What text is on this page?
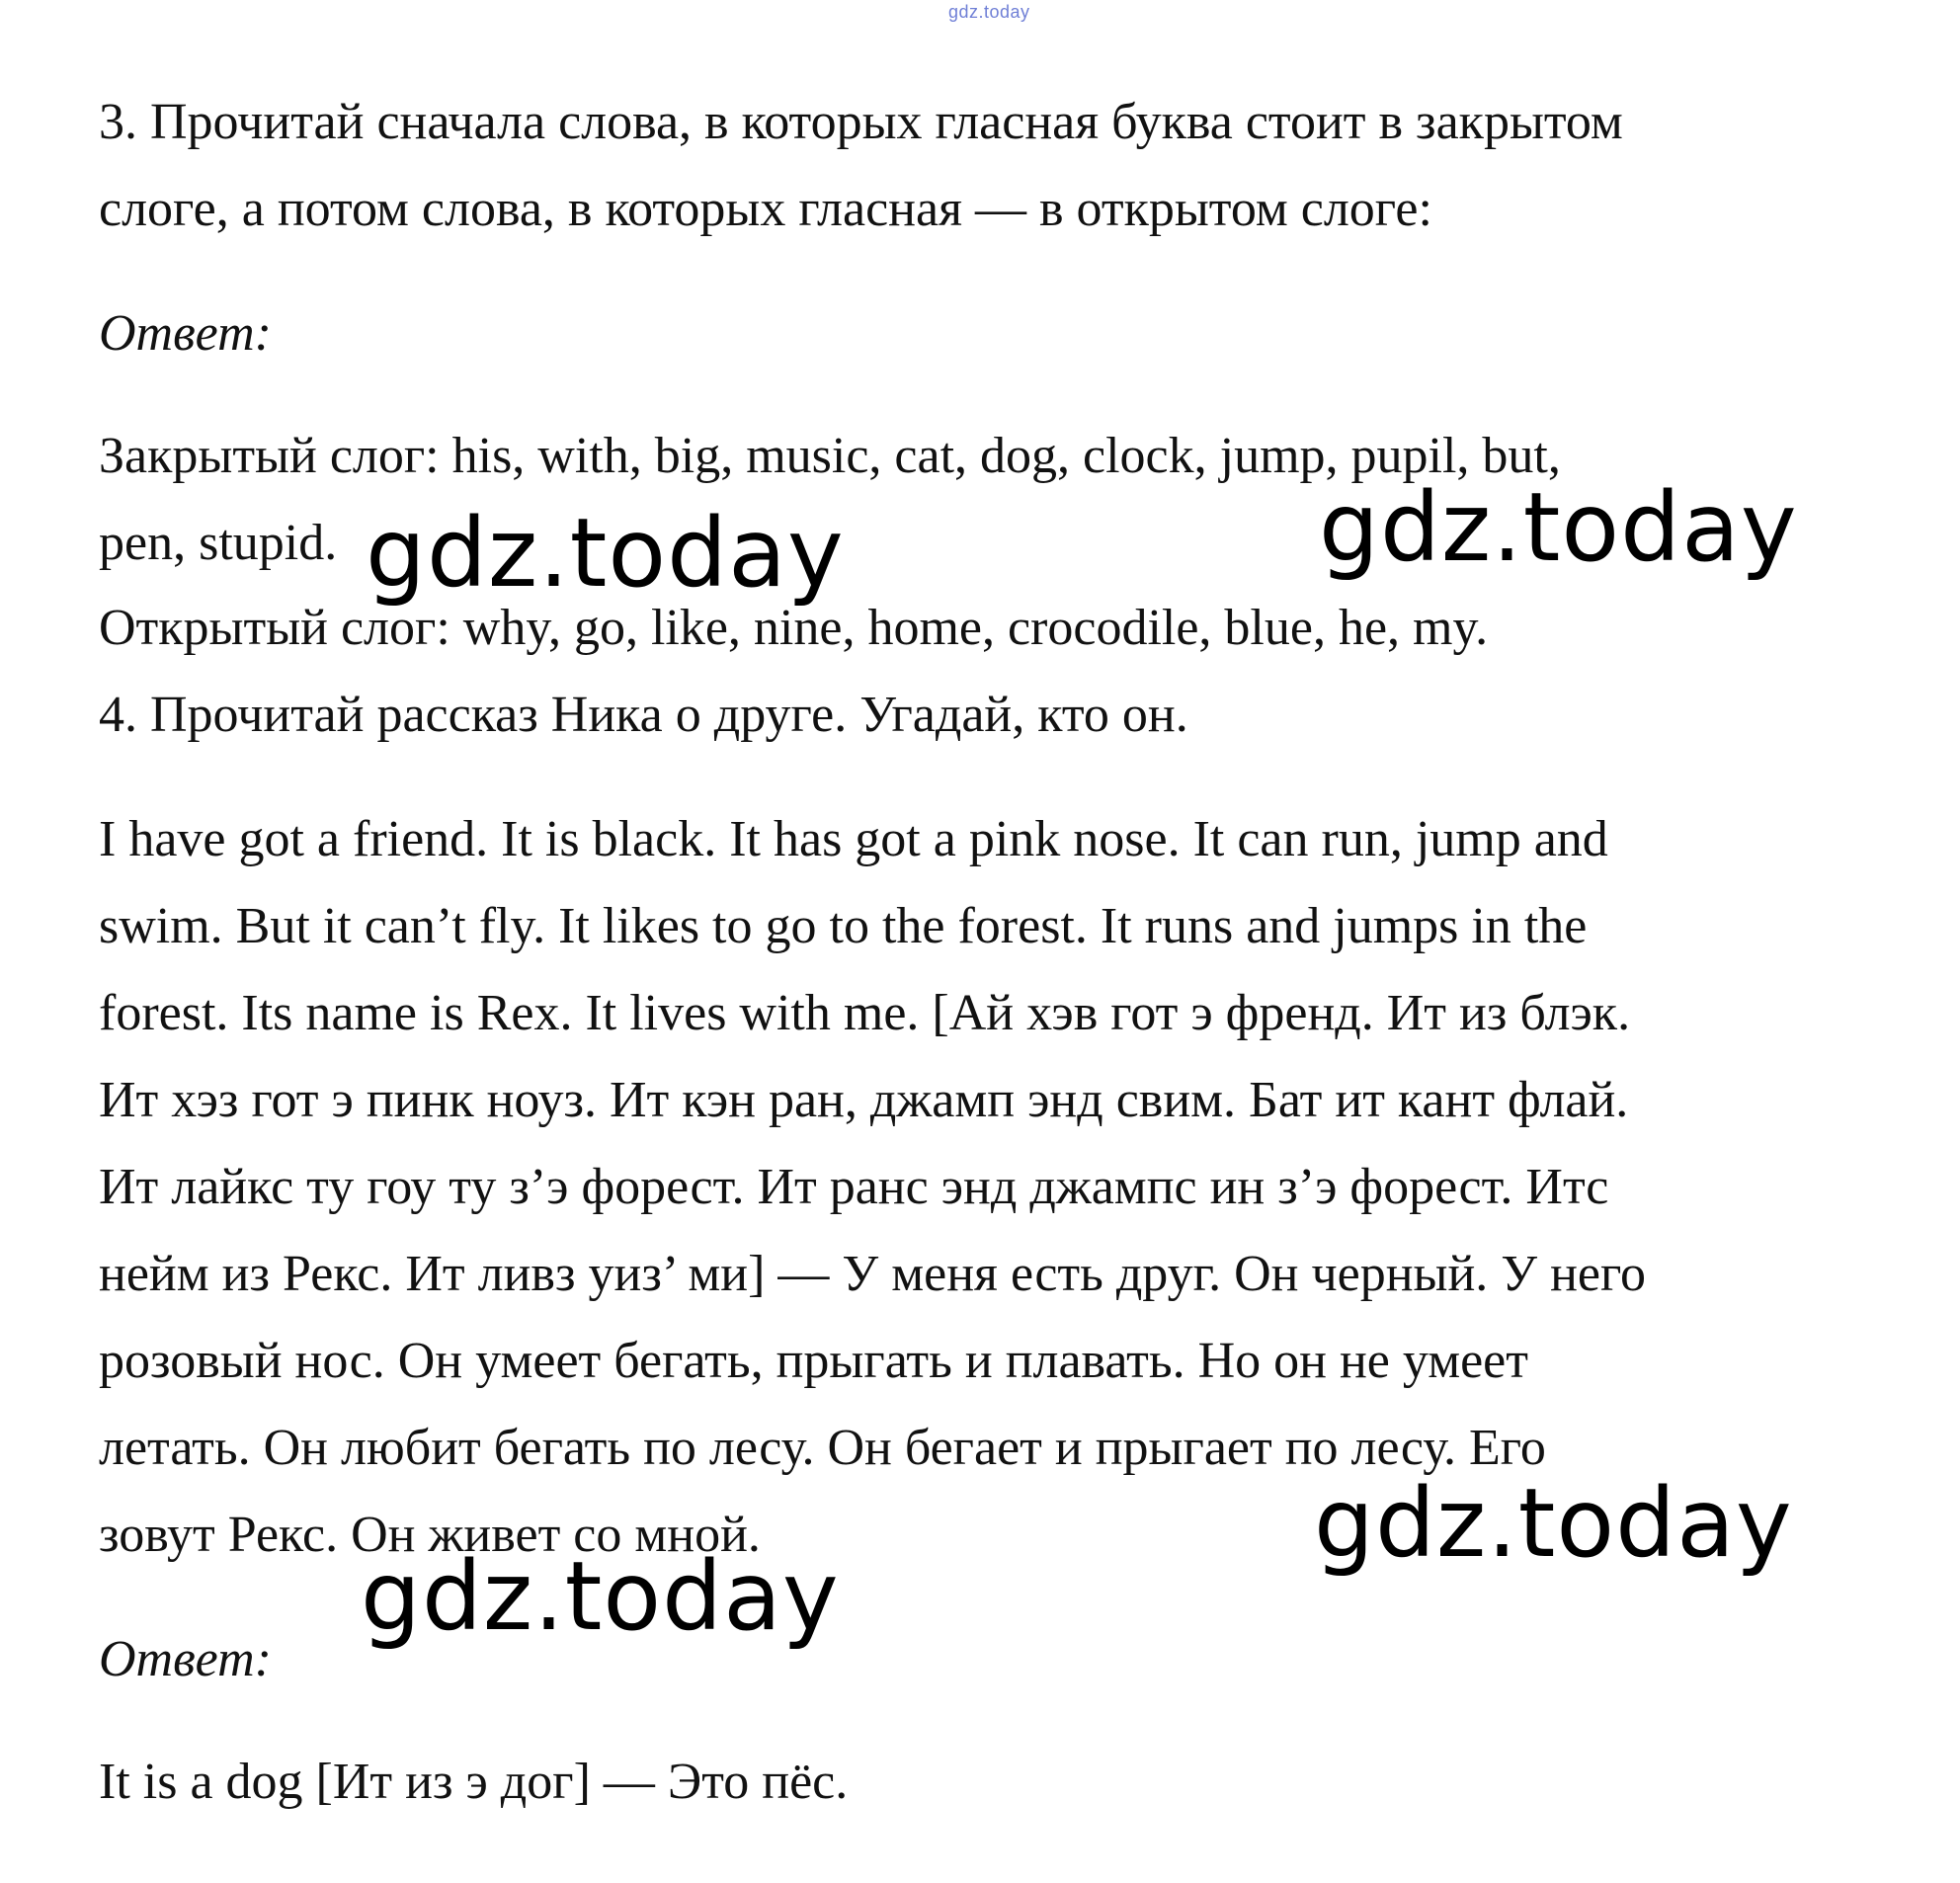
gdz.today

3. Прочитай сначала слова, в которых гласная буква стоит в закрытом

слоге, а потом слова, в которых гласная — в открытом слоге:

Ответ:

Закрытый слог: his, with, big, music, cat, dog, clock, jump, pupil, but,

pen, stupid.

Открытый слог: why, go, like, nine, home, crocodile, blue, he, my.

4. Прочитай рассказ Ника о друге. Угадай, кто он.

I have got a friend. It is black. It has got a pink nose. It can run, jump and

swim. But it can’t fly. It likes to go to the forest. It runs and jumps in the

forest. Its name is Rex. It lives with me. [Ай хэв гот э френд. Ит из блэк.

Ит хэз гот э пинк ноуз. Ит кэн ран, джамп энд свим. Бат ит кант флай.

Ит лайкс ту гоу ту з’э форест. Ит ранс энд джампс ин з’э форест. Итс

нейм из Рекс. Ит ливз уиз’ ми] — У меня есть друг. Он черный. У него

розовый нос. Он умеет бегать, прыгать и плавать. Но он не умеет

летать. Он любит бегать по лесу. Он бегает и прыгает по лесу. Его

зовут Рекс. Он живет со мной.

Ответ:

It is a dog [Ит из э дог] — Это пёс.

gdz.today	gdz.today
gdz.today
gdz.today
